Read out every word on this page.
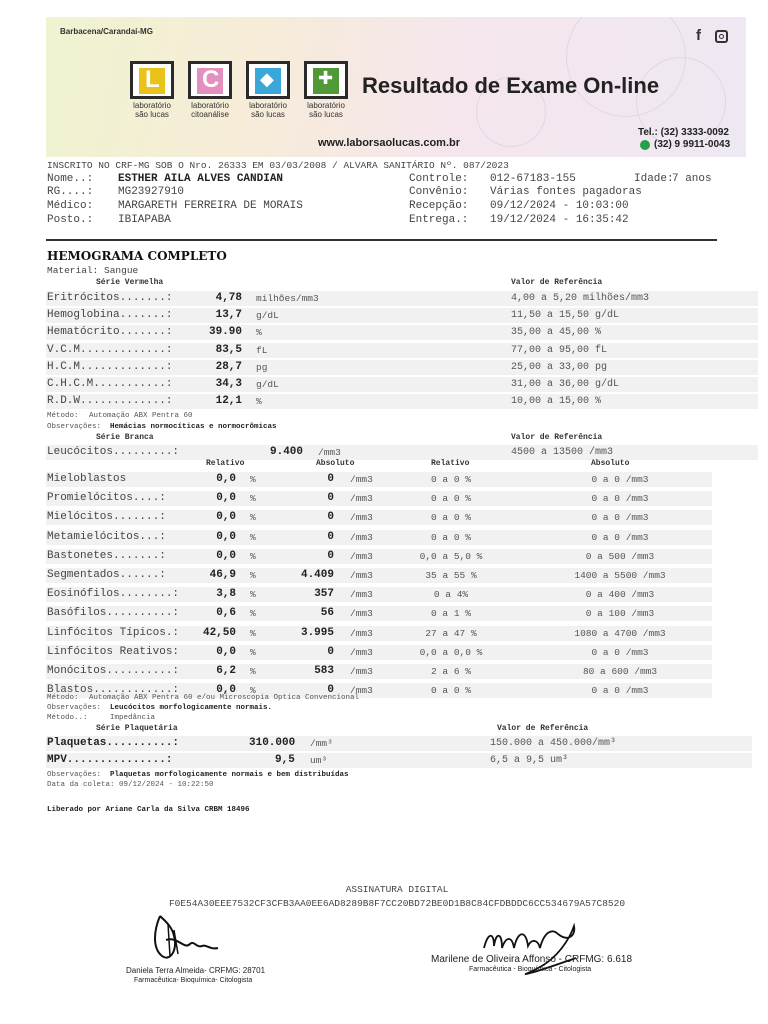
Barbacena/Carandaí-MG
L
laboratório
são lucas
C
laboratório
citoanálise
◆
laboratório
são lucas
✚
laboratório
são lucas
Resultado de Exame On-line
www.laborsaolucas.com.br
f
Tel.: (32) 3333-0092
(32) 9 9911-0043
INSCRITO NO CRF-MG SOB O Nro. 26333 EM 03/03/2008 / ALVARA SANITÁRIO Nº. 087/2023
Nome..: ESTHER AILA ALVES CANDIAN
RG....: MG23927910
Médico: MARGARETH FERREIRA DE MORAIS
Posto.: IBIAPABA
Controle: 012-67183-155	Idade:
7 anos
Convênio: Várias fontes pagadoras
Recepção: 09/12/2024 - 10:03:00
Entrega.: 19/12/2024 - 16:35:42
HEMOGRAMA COMPLETO
Material: Sangue
Série Vermelha	Valor de Referência
Eritrócitos.......:	4,78 milhões/mm3	4,00 a 5,20 milhões/mm3
Hemoglobina.......:	13,7 g/dL	11,50 a 15,50 g/dL
Hematócrito.......:	39.90 %	35,00 a 45,00 %
V.C.M.............:	83,5 fL	77,00 a 95,00 fL
H.C.M.............:	28,7 pg	25,00 a 33,00 pg
C.H.C.M...........:	34,3 g/dL	31,00 a 36,00 g/dL
R.D.W.............:	12,1 %	10,00 a 15,00 %
Método: Automação ABX Pentra 60
Observações: Hemácias normocíticas e normocrômicas
Série Branca	Valor de Referência
Leucócitos.........:	9.400 /mm3	4500 a 13500 /mm3
Relativo	Absoluto	Relativo	Absoluto
Mieloblastos	0,0 %	0 /mm3	0 a 0 %	0 a 0 /mm3
Promielócitos....:	0,0 %	0 /mm3	0 a 0 %	0 a 0 /mm3
Mielócitos.......:	0,0 %	0 /mm3	0 a 0 %	0 a 0 /mm3
Metamielócitos...:	0,0 %	0 /mm3	0 a 0 %	0 a 0 /mm3
Bastonetes.......:	0,0 %	0 /mm3	0,0 a 5,0 %	0 a 500 /mm3
Segmentados......:	46,9 %	4.409 /mm3	35 a 55 %	1400 a 5500 /mm3
Eosinófilos........:	3,8 %	357 /mm3	0 a 4%	0 a 400 /mm3
Basófilos..........:	0,6 %	56 /mm3	0 a 1 %	0 a 100 /mm3
Linfócitos Típicos.:	42,50 %	3.995 /mm3	27 a 47 %	1080 a 4700 /mm3
Linfócitos Reativos:	0,0 %	0 /mm3	0,0 a 0,0 %	0 a 0 /mm3
Monócitos..........:	6,2 %	583 /mm3	2 a 6 %	80 a 600 /mm3
Blastos............:	0,0 %	0 /mm3	0 a 0 %	0 a 0 /mm3
Método: Automação ABX Pentra 60 e/ou Microscopia Optica Convencional
Observações: Leucócitos morfologicamente normais.
Método..:	Impedância
Série Plaquetária	Valor de Referência
Plaquetas..........:	310.000 /mm³	150.000 a 450.000/mm³
MPV...............:	9,5 um³	6,5 a 9,5 um³
Observações: Plaquetas morfologicamente normais e bem distribuídas
Data da coleta: 09/12/2024 - 10:22:50
Liberado por Ariane Carla da Silva CRBM 18496
ASSINATURA DIGITAL
F0E54A30EEE7532CF3CFB3AA0EE6AD8289B8F7CC20BD72BE0D1B8C84CFDBDDC6CC534679A57C8520
Daniela Terra Almeida- CRFMG: 28701
Farmacêutica- Bioquímica- Citologista
Marilene de Oliveira Affonso - CRFMG: 6.618
Farmacêutica - Bioquímica - Citologista
